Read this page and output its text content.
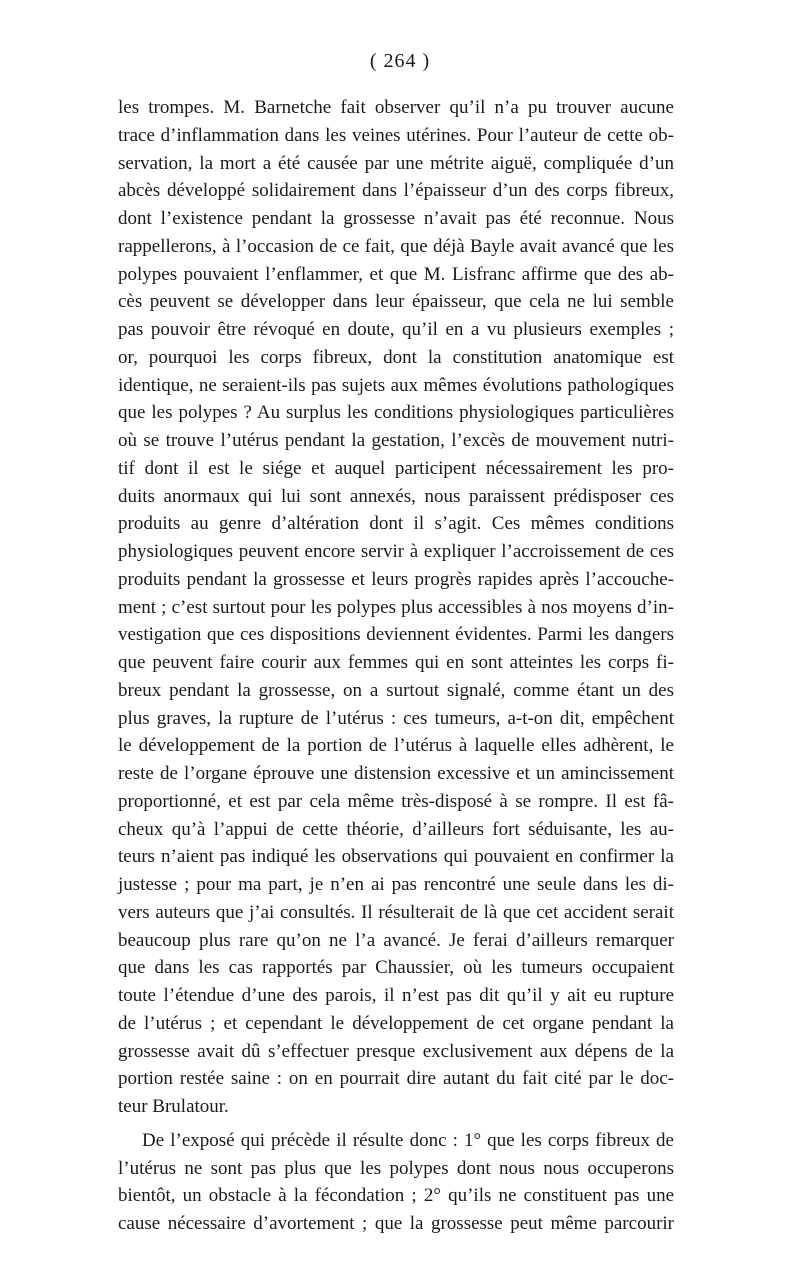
( 264 )
les trompes. M. Barnetche fait observer qu’il n’a pu trouver aucune
trace d’inflammation dans les veines utérines. Pour l’auteur de cette ob-
servation, la mort a été causée par une métrite aiguë, compliquée d’un
abcès développé solidairement dans l’épaisseur d’un des corps fibreux,
dont l’existence pendant la grossesse n’avait pas été reconnue. Nous
rappellerons, à l’occasion de ce fait, que déjà Bayle avait avancé que les
polypes pouvaient l’enflammer, et que M. Lisfranc affirme que des ab-
cès peuvent se développer dans leur épaisseur, que cela ne lui semble
pas pouvoir être révoqué en doute, qu’il en a vu plusieurs exemples ;
or, pourquoi les corps fibreux, dont la constitution anatomique est
identique, ne seraient-ils pas sujets aux mêmes évolutions pathologiques
que les polypes ? Au surplus les conditions physiologiques particulières
où se trouve l’utérus pendant la gestation, l’excès de mouvement nutri-
tif dont il est le siége et auquel participent nécessairement les pro-
duits anormaux qui lui sont annexés, nous paraissent prédisposer ces
produits au genre d’altération dont il s’agit. Ces mêmes conditions
physiologiques peuvent encore servir à expliquer l’accroissement de ces
produits pendant la grossesse et leurs progrès rapides après l’accouche-
ment ; c’est surtout pour les polypes plus accessibles à nos moyens d’in-
vestigation que ces dispositions deviennent évidentes. Parmi les dangers
que peuvent faire courir aux femmes qui en sont atteintes les corps fi-
breux pendant la grossesse, on a surtout signalé, comme étant un des
plus graves, la rupture de l’utérus : ces tumeurs, a-t-on dit, empêchent
le développement de la portion de l’utérus à laquelle elles adhèrent, le
reste de l’organe éprouve une distension excessive et un amincissement
proportionné, et est par cela même très-disposé à se rompre. Il est fâ-
cheux qu’à l’appui de cette théorie, d’ailleurs fort séduisante, les au-
teurs n’aient pas indiqué les observations qui pouvaient en confirmer la
justesse ; pour ma part, je n’en ai pas rencontré une seule dans les di-
vers auteurs que j’ai consultés. Il résulterait de là que cet accident serait
beaucoup plus rare qu’on ne l’a avancé. Je ferai d’ailleurs remarquer
que dans les cas rapportés par Chaussier, où les tumeurs occupaient
toute l’étendue d’une des parois, il n’est pas dit qu’il y ait eu rupture
de l’utérus ; et cependant le développement de cet organe pendant la
grossesse avait dû s’effectuer presque exclusivement aux dépens de la
portion restée saine : on en pourrait dire autant du fait cité par le doc-
teur Brulatour.
De l’exposé qui précède il résulte donc : 1° que les corps fibreux de
l’utérus ne sont pas plus que les polypes dont nous nous occuperons
bientôt, un obstacle à la fécondation ; 2° qu’ils ne constituent pas une
cause nécessaire d’avortement ; que la grossesse peut même parcourir
